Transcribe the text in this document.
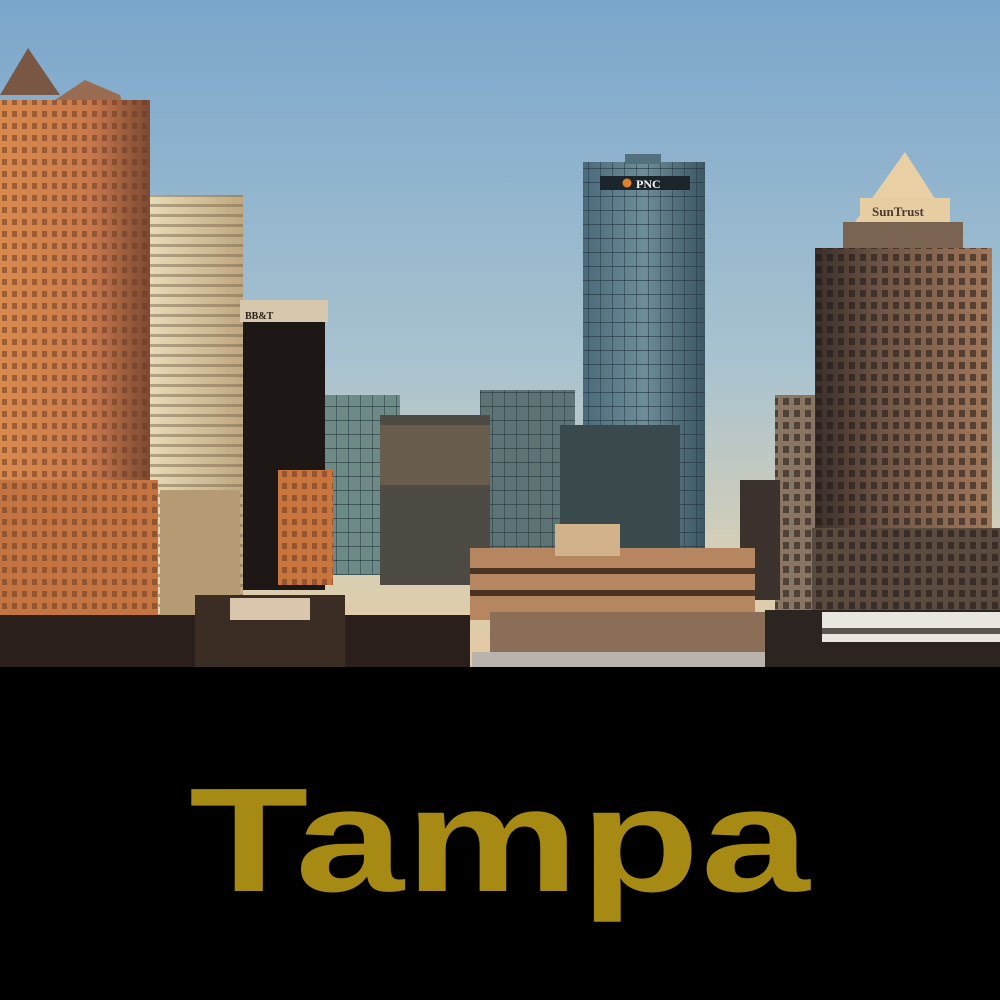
PNC
SunTrust
BB&T
Tampa
